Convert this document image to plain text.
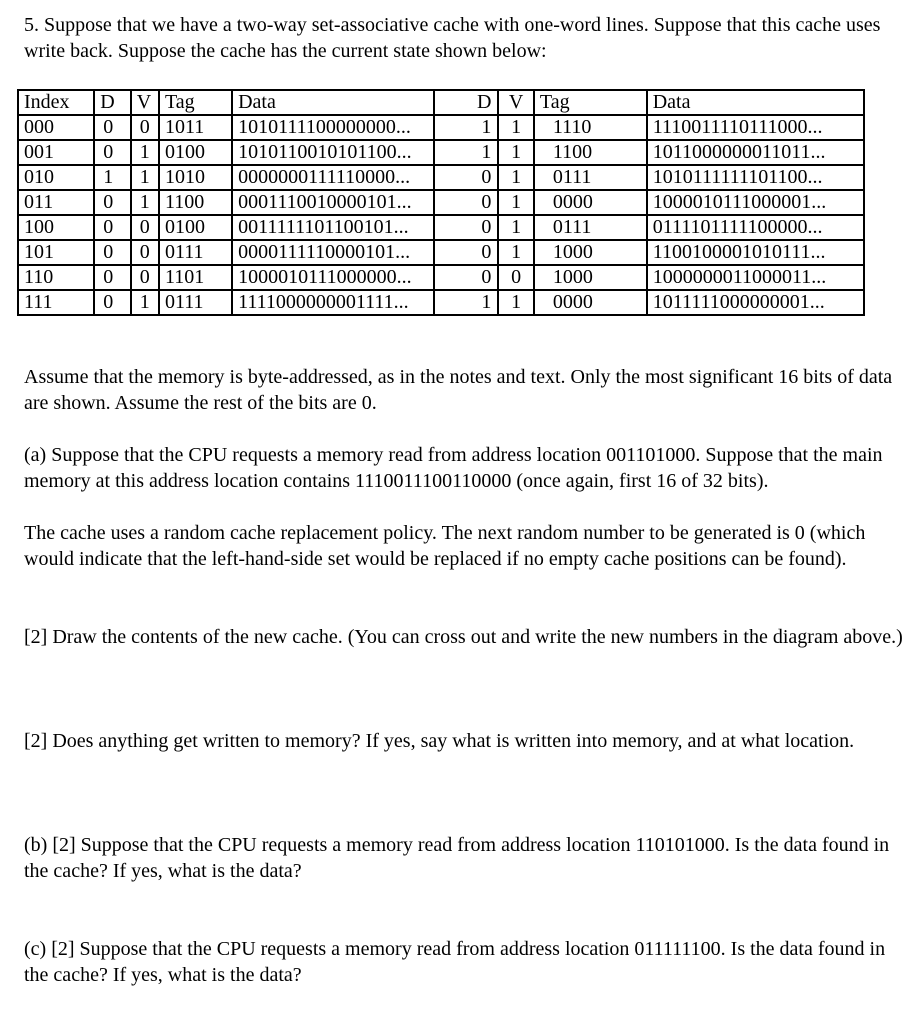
5. Suppose that we have a two-way set-associative cache with one-word lines. Suppose that this cache uses write back. Suppose the cache has the current state shown below:

Index	D	V	Tag	Data	D	V	Tag	Data
000	0	0	1011	1010111100000000...	1	1	1110	1110011110111000...
001	0	1	0100	1010110010101100...	1	1	1100	1011000000011011...
010	1	1	1010	0000000111110000...	0	1	0111	1010111111101100...
011	0	1	1100	0001110010000101...	0	1	0000	1000010111000001...
100	0	0	0100	0011111101100101...	0	1	0111	0111101111100000...
101	0	0	0111	0000111110000101...	0	1	1000	1100100001010111...
110	0	0	1101	1000010111000000...	0	0	1000	1000000011000011...
111	0	1	0111	1111000000001111...	1	1	0000	1011111000000001...

Assume that the memory is byte-addressed, as in the notes and text. Only the most significant 16 bits of data are shown. Assume the rest of the bits are 0.

(a) Suppose that the CPU requests a memory read from address location 001101000. Suppose that the main memory at this address location contains 1110011100110000 (once again, first 16 of 32 bits).

The cache uses a random cache replacement policy. The next random number to be generated is 0 (which would indicate that the left-hand-side set would be replaced if no empty cache positions can be found).

[2] Draw the contents of the new cache. (You can cross out and write the new numbers in the diagram above.)

[2] Does anything get written to memory? If yes, say what is written into memory, and at what location.

(b) [2] Suppose that the CPU requests a memory read from address location 110101000. Is the data found in the cache? If yes, what is the data?

(c) [2] Suppose that the CPU requests a memory read from address location 011111100. Is the data found in the cache? If yes, what is the data?
